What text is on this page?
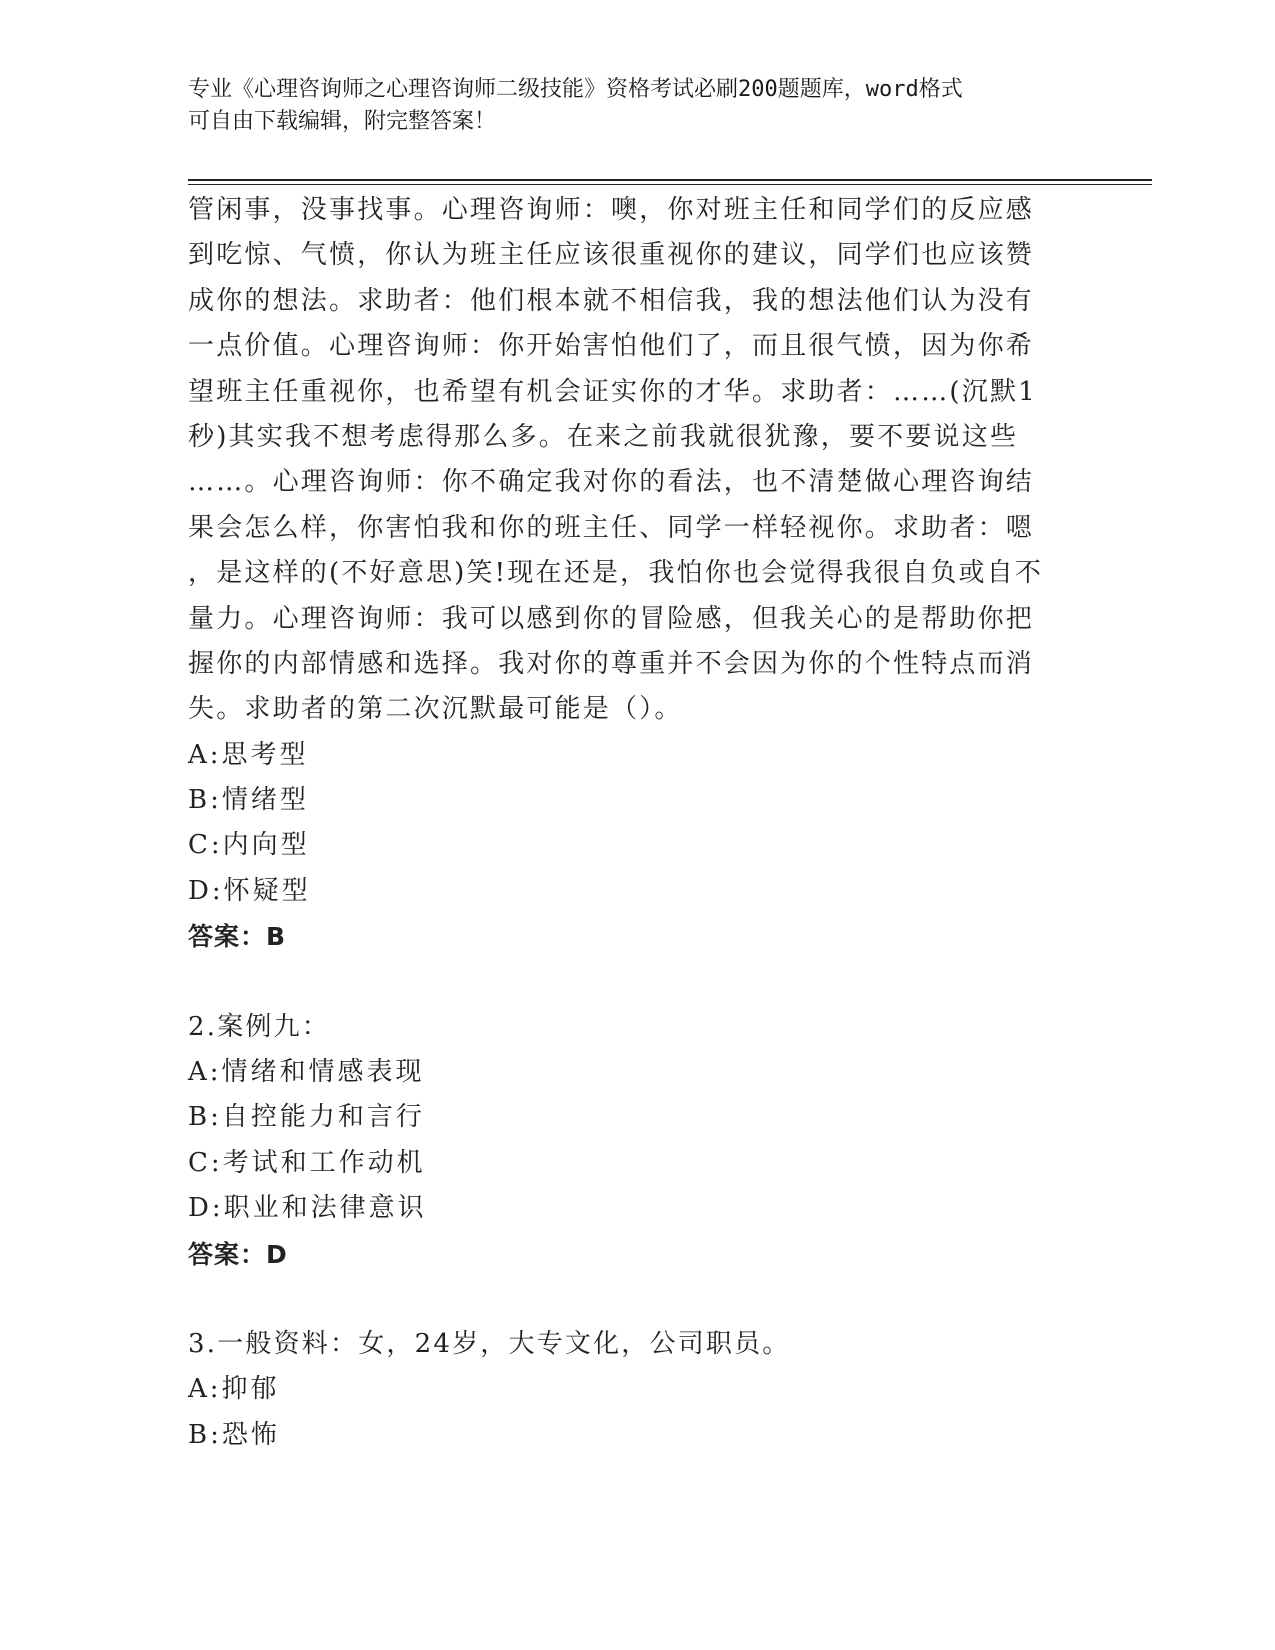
专业《心理咨询师之心理咨询师二级技能》资格考试必刷200题题库，word格式
可自由下载编辑，附完整答案！
管闲事，没事找事。心理咨询师：噢，你对班主任和同学们的反应感
到吃惊、气愤，你认为班主任应该很重视你的建议，同学们也应该赞
成你的想法。求助者：他们根本就不相信我，我的想法他们认为没有
一点价值。心理咨询师：你开始害怕他们了，而且很气愤，因为你希
望班主任重视你，也希望有机会证实你的才华。求助者：……(沉默1
秒)其实我不想考虑得那么多。在来之前我就很犹豫，要不要说这些
……。心理咨询师：你不确定我对你的看法，也不清楚做心理咨询结
果会怎么样，你害怕我和你的班主任、同学一样轻视你。求助者：嗯
，是这样的(不好意思)笑!现在还是，我怕你也会觉得我很自负或自不
量力。心理咨询师：我可以感到你的冒险感，但我关心的是帮助你把
握你的内部情感和选择。我对你的尊重并不会因为你的个性特点而消
失。求助者的第二次沉默最可能是（）。
A:思考型
B:情绪型
C:内向型
D:怀疑型
答案：B
2.案例九：
A:情绪和情感表现
B:自控能力和言行
C:考试和工作动机
D:职业和法律意识
答案：D
3.一般资料：女，24岁，大专文化，公司职员。
A:抑郁
B:恐怖
